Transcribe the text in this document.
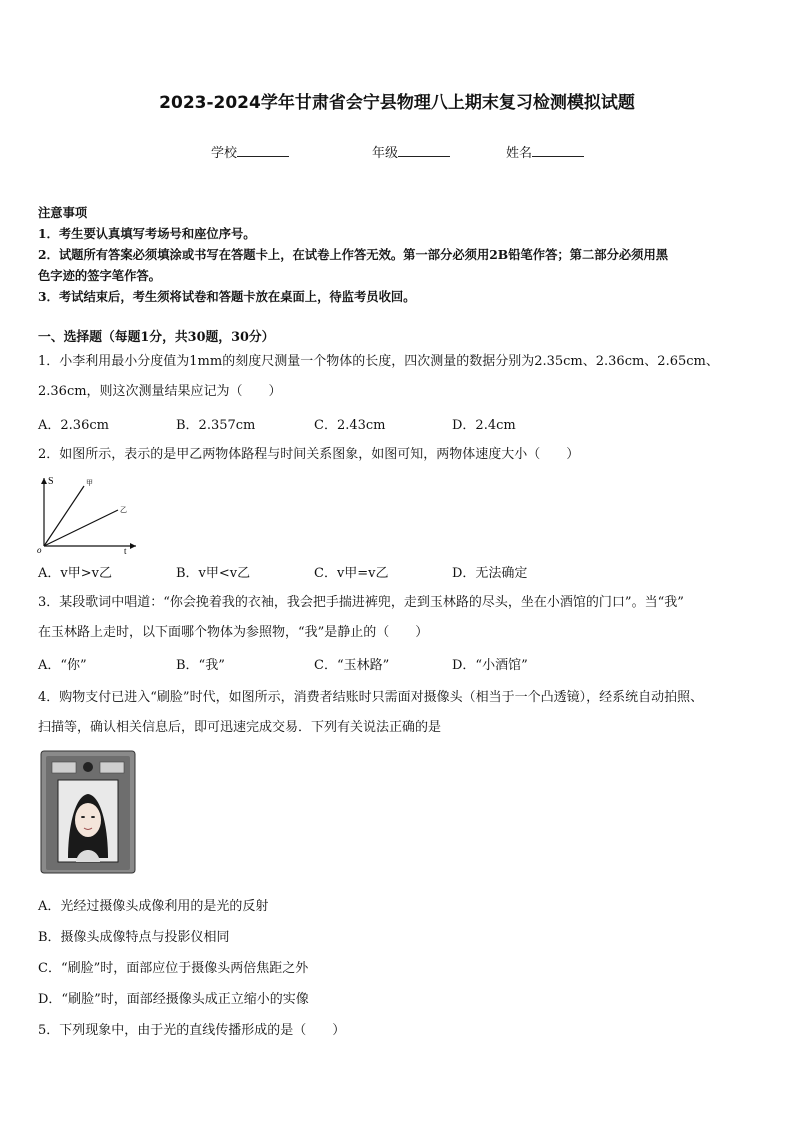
2023-2024学年甘肃省会宁县物理八上期末复习检测模拟试题
学校	年级	姓名
注意事项
1．考生要认真填写考场号和座位序号。
2．试题所有答案必须填涂或书写在答题卡上，在试卷上作答无效。第一部分必须用2B铅笔作答；第二部分必须用黑
色字迹的签字笔作答。
3．考试结束后，考生须将试卷和答题卡放在桌面上，待监考员收回。
一、选择题（每题1分，共30题，30分）
1．小李利用最小分度值为1mm的刻度尺测量一个物体的长度，四次测量的数据分别为2.35cm、2.36cm、2.65cm、
2.36cm，则这次测量结果应记为（　　）
A．2.36cm	B．2.357cm	C．2.43cm	D．2.4cm
2．如图所示，表示的是甲乙两物体路程与时间关系图象，如图可知，两物体速度大小（　　）
S
t
o
甲
乙
A．v甲>v乙	B．v甲<v乙	C．v甲=v乙	D．无法确定
3．某段歌词中唱道：“你会挽着我的衣袖，我会把手揣进裤兜，走到玉林路的尽头，坐在小酒馆的门口”。当“我”
在玉林路上走时，以下面哪个物体为参照物，“我”是静止的（　　）
A．“你”	B．“我”	C．“玉林路”	D．“小酒馆”
4．购物支付已进入“刷脸”时代，如图所示，消费者结账时只需面对摄像头（相当于一个凸透镜），经系统自动拍照、
扫描等，确认相关信息后，即可迅速完成交易．下列有关说法正确的是
A．光经过摄像头成像利用的是光的反射
B．摄像头成像特点与投影仪相同
C．“刷脸”时，面部应位于摄像头两倍焦距之外
D．“刷脸”时，面部经摄像头成正立缩小的实像
5．下列现象中，由于光的直线传播形成的是（　　）
